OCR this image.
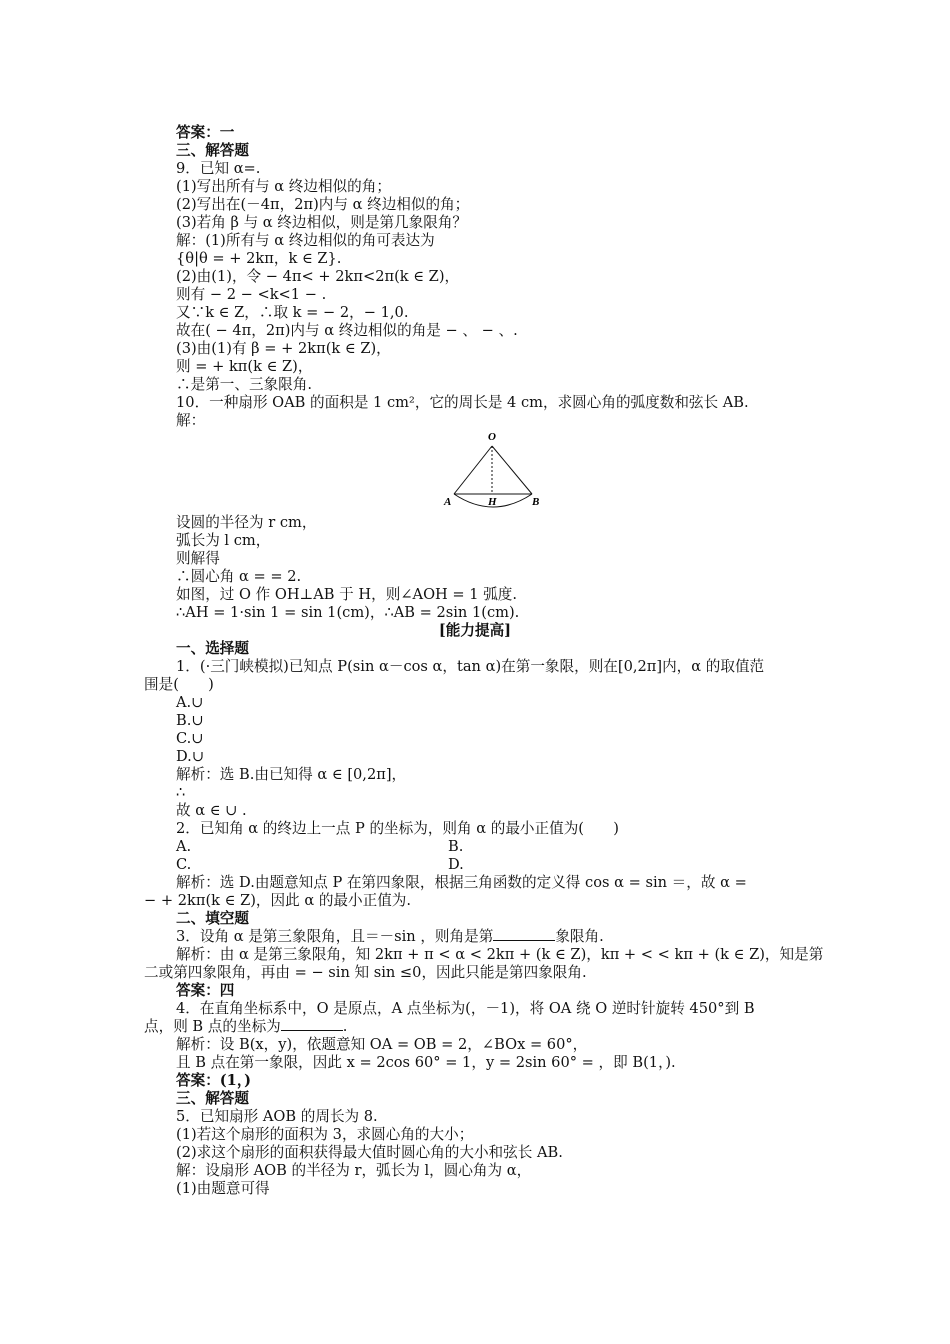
答案：一
三、解答题
9．已知 α=.
(1)写出所有与 α 终边相似的角；
(2)写出在(－4π，2π)内与 α 终边相似的角；
(3)若角 β 与 α 终边相似，则是第几象限角？
解：(1)所有与 α 终边相似的角可表达为
{θ|θ = + 2kπ，k ∈ Z}.
(2)由(1)，令 − 4π< + 2kπ<2π(k ∈ Z)，
则有 − 2 − <k<1 − .
又∵k ∈ Z，∴取 k = − 2，− 1,0.
故在( − 4π，2π)内与 α 终边相似的角是 − 、 − 、.
(3)由(1)有 β = + 2kπ(k ∈ Z)，
则 = + kπ(k ∈ Z)，
∴是第一、三象限角.
10．一种扇形 OAB 的面积是 1 cm²，它的周长是 4 cm，求圆心角的弧度数和弦长 AB.
解：
O
A	H	B
设圆的半径为 r cm，
弧长为 l cm，
则解得
∴圆心角 α = = 2.
如图，过 O 作 OH⊥AB 于 H，则∠AOH = 1 弧度.
∴AH = 1·sin 1 = sin 1(cm)，∴AB = 2sin 1(cm).
[能力提高]
一、选择题
1．(·三门峡模拟)已知点 P(sin α－cos α，tan α)在第一象限，则在[0,2π]内，α 的取值范
围是(　　)
A.∪
B.∪
C.∪
D.∪
解析：选 B.由已知得 α ∈ [0,2π]，
∴
故 α ∈ ∪ .
2．已知角 α 的终边上一点 P 的坐标为，则角 α 的最小正值为(　　)
A.	B.
C.	D.
解析：选 D.由题意知点 P 在第四象限，根据三角函数的定义得 cos α = sin ＝，故 α =
− + 2kπ(k ∈ Z)，因此 α 的最小正值为.
二、填空题
3．设角 α 是第三象限角，且＝－sin ，则角是第	象限角.
解析：由 α 是第三象限角，知 2kπ + π < α < 2kπ + (k ∈ Z)，kπ + < < kπ + (k ∈ Z)，知是第
二或第四象限角，再由 = − sin 知 sin ≤0，因此只能是第四象限角.
答案：四
4．在直角坐标系中，O 是原点，A 点坐标为(，－1)，将 OA 绕 O 逆时针旋转 450°到 B
点，则 B 点的坐标为	.
解析：设 B(x，y)，依题意知 OA = OB = 2，∠BOx = 60°，
且 B 点在第一象限，因此 x = 2cos 60° = 1，y = 2sin 60° = ，即 B(1，).
答案：(1，)
三、解答题
5．已知扇形 AOB 的周长为 8.
(1)若这个扇形的面积为 3，求圆心角的大小；
(2)求这个扇形的面积获得最大值时圆心角的大小和弦长 AB.
解：设扇形 AOB 的半径为 r，弧长为 l，圆心角为 α，
(1)由题意可得
